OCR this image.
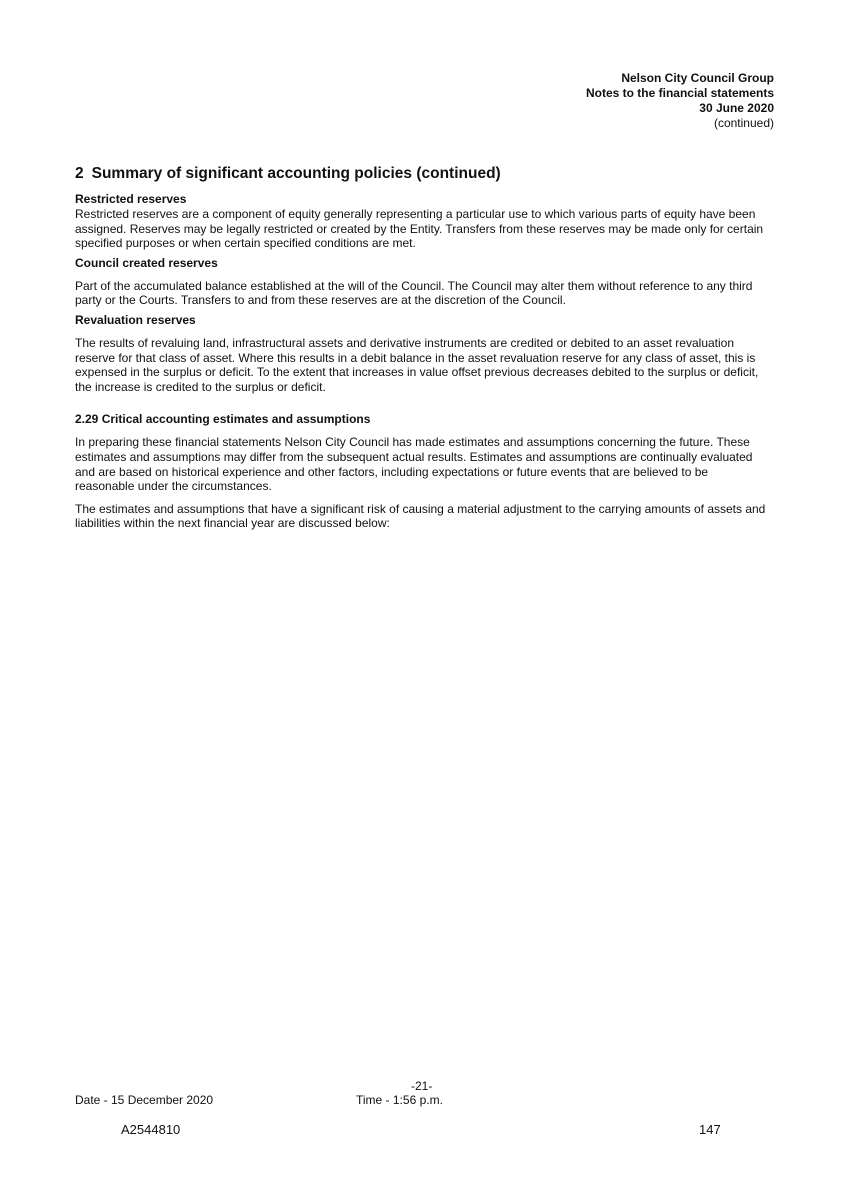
Nelson City Council Group
Notes to the financial statements
30 June 2020
(continued)
2 Summary of significant accounting policies (continued)
Restricted reserves

Restricted reserves are a component of equity generally representing a particular use to which various parts of equity have been assigned. Reserves may be legally restricted or created by the Entity. Transfers from these reserves may be made only for certain specified purposes or when certain specified conditions are met.

Council created reserves

Part of the accumulated balance established at the will of the Council. The Council may alter them without reference to any third party or the Courts. Transfers to and from these reserves are at the discretion of the Council.

Revaluation reserves

The results of revaluing land, infrastructural assets and derivative instruments are credited or debited to an asset revaluation reserve for that class of asset. Where this results in a debit balance in the asset revaluation reserve for any class of asset, this is expensed in the surplus or deficit. To the extent that increases in value offset previous decreases debited to the surplus or deficit, the increase is credited to the surplus or deficit.

2.29 Critical accounting estimates and assumptions

In preparing these financial statements Nelson City Council has made estimates and assumptions concerning the future. These estimates and assumptions may differ from the subsequent actual results. Estimates and assumptions are continually evaluated and are based on historical experience and other factors, including expectations or future events that are believed to be reasonable under the circumstances.

The estimates and assumptions that have a significant risk of causing a material adjustment to the carrying amounts of assets and liabilities within the next financial year are discussed below:

-21-
Date - 15 December 2020	Time - 1:56 p.m.
A2544810	147
